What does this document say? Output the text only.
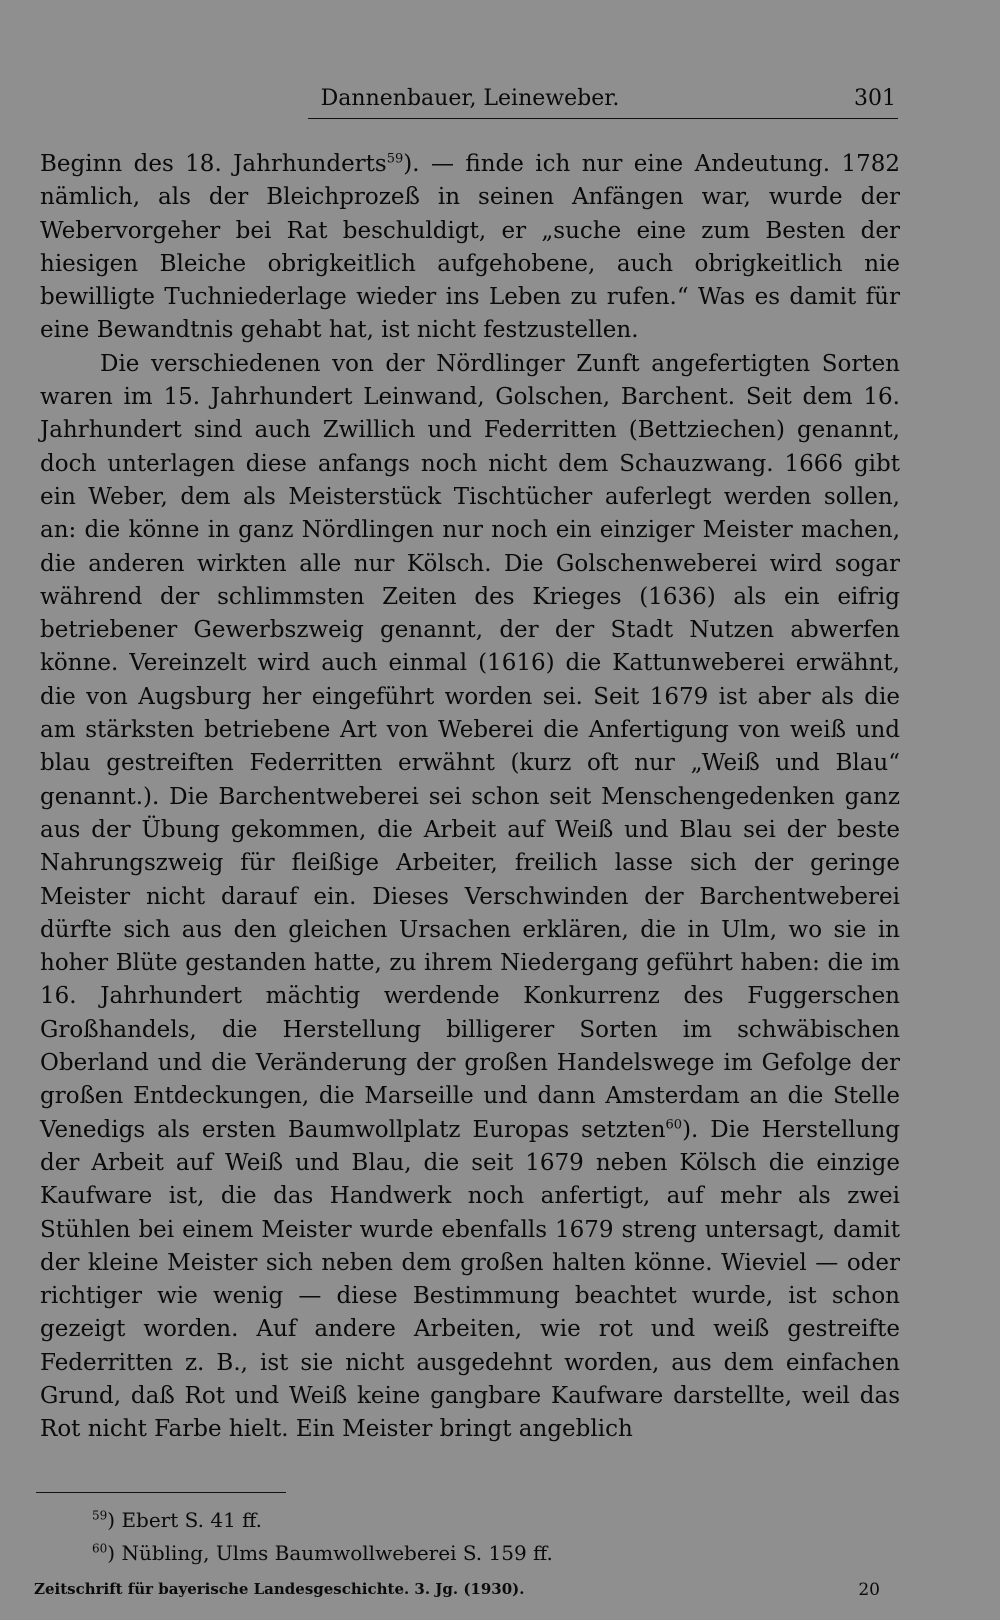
Dannenbauer, Leineweber.	301

Beginn des 18. Jahrhunderts$^{59}$). — finde ich nur eine Andeutung. 1782 nämlich, als der Bleichprozeß in seinen Anfängen war, wurde der Webervorgeher bei Rat beschuldigt, er „suche eine zum Besten der hiesigen Bleiche obrigkeitlich aufgehobene, auch obrigkeitlich nie bewilligte Tuchniederlage wieder ins Leben zu rufen.“ Was es damit für eine Bewandtnis gehabt hat, ist nicht festzustellen.

Die verschiedenen von der Nördlinger Zunft angefertigten Sorten waren im 15. Jahrhundert Leinwand, Golschen, Barchent. Seit dem 16. Jahrhundert sind auch Zwillich und Federritten (Bettziechen) genannt, doch unterlagen diese anfangs noch nicht dem Schauzwang. 1666 gibt ein Weber, dem als Meisterstück Tischtücher auferlegt werden sollen, an: die könne in ganz Nördlingen nur noch ein einziger Meister machen, die anderen wirkten alle nur Kölsch. Die Golschenweberei wird sogar während der schlimmsten Zeiten des Krieges (1636) als ein eifrig betriebener Gewerbszweig genannt, der der Stadt Nutzen abwerfen könne. Vereinzelt wird auch einmal (1616) die Kattunweberei erwähnt, die von Augsburg her eingeführt worden sei. Seit 1679 ist aber als die am stärksten betriebene Art von Weberei die Anfertigung von weiß und blau gestreiften Federritten erwähnt (kurz oft nur „Weiß und Blau“ genannt.). Die Barchentweberei sei schon seit Menschengedenken ganz aus der Übung gekommen, die Arbeit auf Weiß und Blau sei der beste Nahrungszweig für fleißige Arbeiter, freilich lasse sich der geringe Meister nicht darauf ein. Dieses Verschwinden der Barchentweberei dürfte sich aus den gleichen Ursachen erklären, die in Ulm, wo sie in hoher Blüte gestanden hatte, zu ihrem Niedergang geführt haben: die im 16. Jahrhundert mächtig werdende Konkurrenz des Fuggerschen Großhandels, die Herstellung billigerer Sorten im schwäbischen Oberland und die Veränderung der großen Handelswege im Gefolge der großen Entdeckungen, die Marseille und dann Amsterdam an die Stelle Venedigs als ersten Baumwollplatz Europas setzten$^{60}$). Die Herstellung der Arbeit auf Weiß und Blau, die seit 1679 neben Kölsch die einzige Kaufware ist, die das Handwerk noch anfertigt, auf mehr als zwei Stühlen bei einem Meister wurde ebenfalls 1679 streng untersagt, damit der kleine Meister sich neben dem großen halten könne. Wieviel — oder richtiger wie wenig — diese Bestimmung beachtet wurde, ist schon gezeigt worden. Auf andere Arbeiten, wie rot und weiß gestreifte Federritten z. B., ist sie nicht ausgedehnt worden, aus dem einfachen Grund, daß Rot und Weiß keine gangbare Kaufware darstellte, weil das Rot nicht Farbe hielt. Ein Meister bringt angeblich

$^{59}$) Ebert S. 41 ff.
$^{60}$) Nübling, Ulms Baumwollweberei S. 159 ff.
Zeitschrift für bayerische Landesgeschichte. 3. Jg. (1930).	20
